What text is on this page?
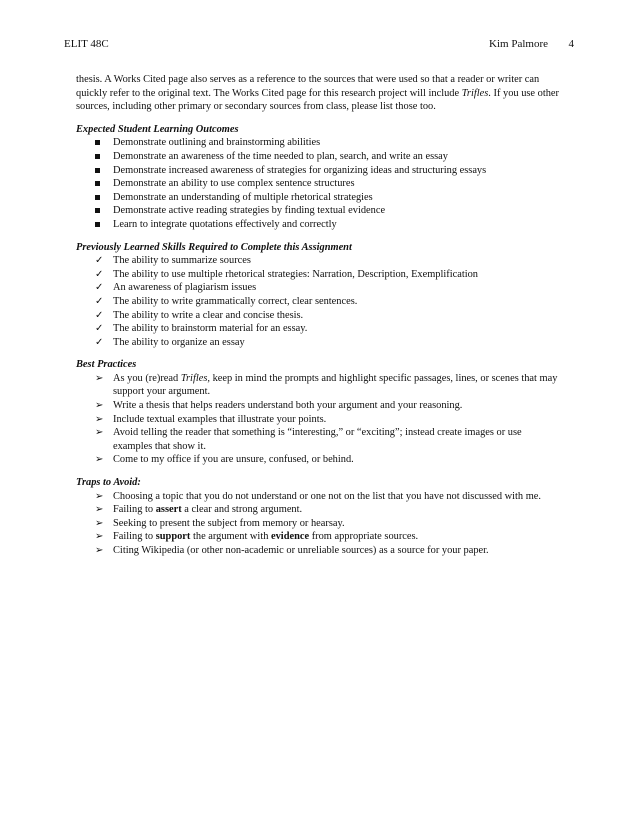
ELIT 48C	Kim Palmore 4

thesis. A Works Cited page also serves as a reference to the sources that were used so that a reader or writer can quickly refer to the original text. The Works Cited page for this research project will include Trifles. If you use other sources, including other primary or secondary sources from class, please list those too.

Expected Student Learning Outcomes
Demonstrate outlining and brainstorming abilities
Demonstrate an awareness of the time needed to plan, search, and write an essay
Demonstrate increased awareness of strategies for organizing ideas and structuring essays
Demonstrate an ability to use complex sentence structures
Demonstrate an understanding of multiple rhetorical strategies
Demonstrate active reading strategies by finding textual evidence
Learn to integrate quotations effectively and correctly
Previously Learned Skills Required to Complete this Assignment
✓ The ability to summarize sources
✓ The ability to use multiple rhetorical strategies: Narration, Description, Exemplification
✓ An awareness of plagiarism issues
✓ The ability to write grammatically correct, clear sentences.
✓ The ability to write a clear and concise thesis.
✓ The ability to brainstorm material for an essay.
✓ The ability to organize an essay
Best Practices
➢ As you (re)read Trifles, keep in mind the prompts and highlight specific passages, lines, or scenes that may support your argument.
➢ Write a thesis that helps readers understand both your argument and your reasoning.
➢ Include textual examples that illustrate your points.
➢ Avoid telling the reader that something is “interesting,” or “exciting”; instead create images or use examples that show it.
➢ Come to my office if you are unsure, confused, or behind.
Traps to Avoid:
➢ Choosing a topic that you do not understand or one not on the list that you have not discussed with me.
➢ Failing to assert a clear and strong argument.
➢ Seeking to present the subject from memory or hearsay.
➢ Failing to support the argument with evidence from appropriate sources.
➢ Citing Wikipedia (or other non-academic or unreliable sources) as a source for your paper.
